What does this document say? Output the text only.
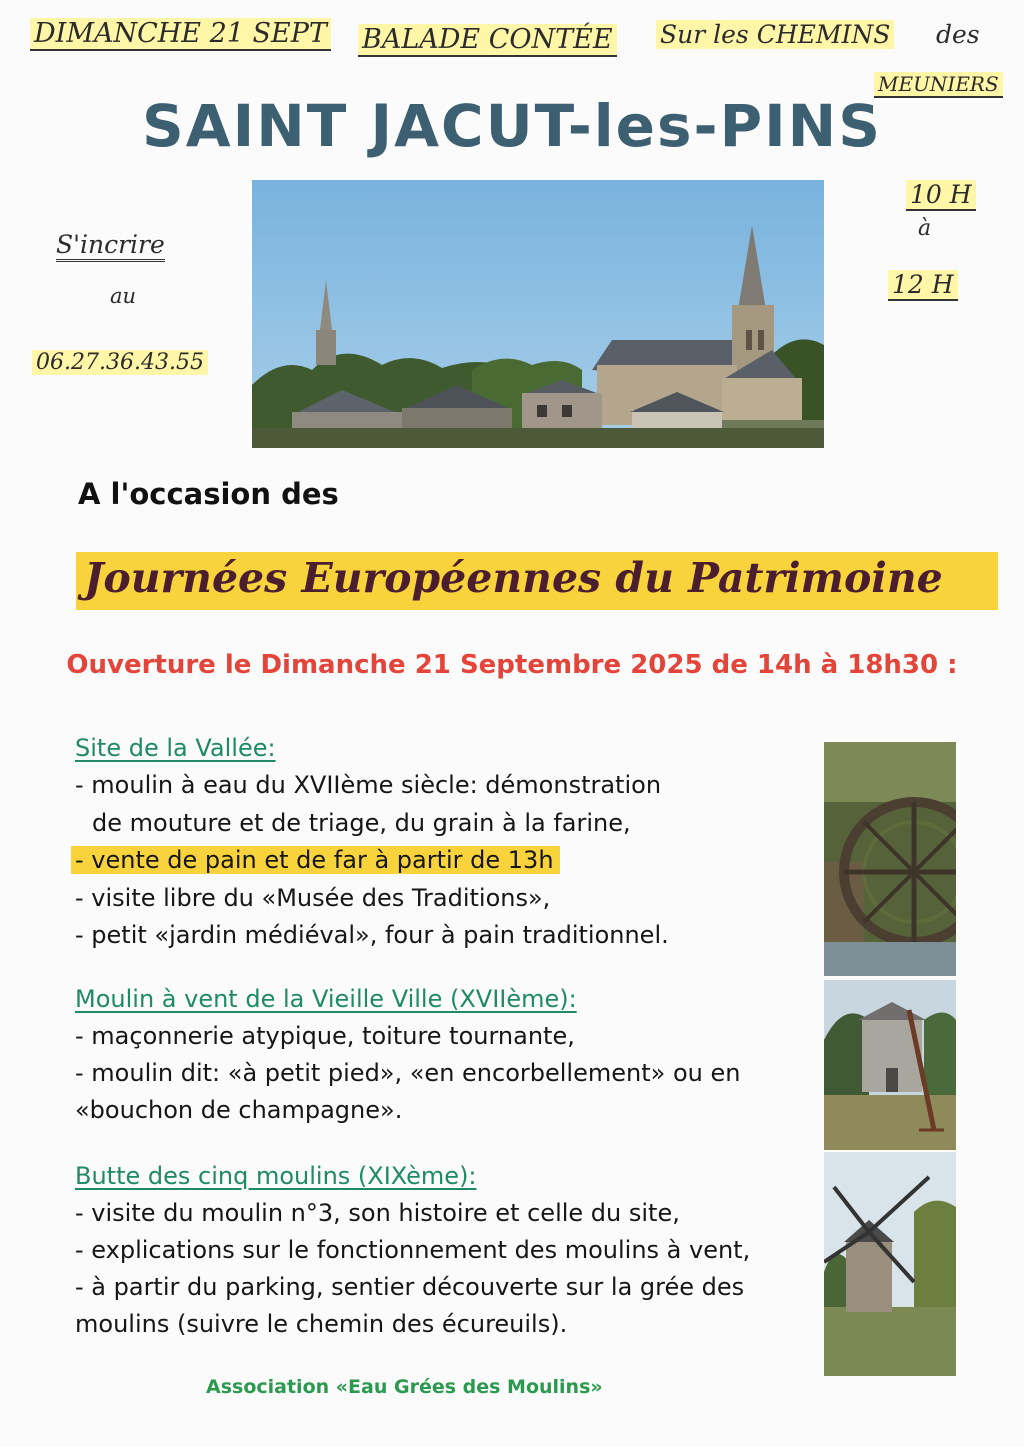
DIMANCHE 21 SEPT BALADE CONTÉE Sur les CHEMINS des
MEUNIERS
SAINT JACUT-les-PINS
S'incrire
au
06.27.36.43.55
10 H
à
12 H
A l'occasion des
Journées Européennes du Patrimoine
Ouverture le Dimanche 21 Septembre 2025 de 14h à 18h30 :
Site de la Vallée:
- moulin à eau du XVIIème siècle: démonstration
de mouture et de triage, du grain à la farine,
- vente de pain et de far à partir de 13h
- visite libre du «Musée des Traditions»,
- petit «jardin médiéval», four à pain traditionnel.
Moulin à vent de la Vieille Ville (XVIIème):
- maçonnerie atypique, toiture tournante,
- moulin dit: «à petit pied», «en encorbellement» ou en
«bouchon de champagne».
Butte des cinq moulins (XIXème):
- visite du moulin n°3, son histoire et celle du site,
- explications sur le fonctionnement des moulins à vent,
- à partir du parking, sentier découverte sur la grée des
moulins (suivre le chemin des écureuils).
Association «Eau Grées des Moulins»
